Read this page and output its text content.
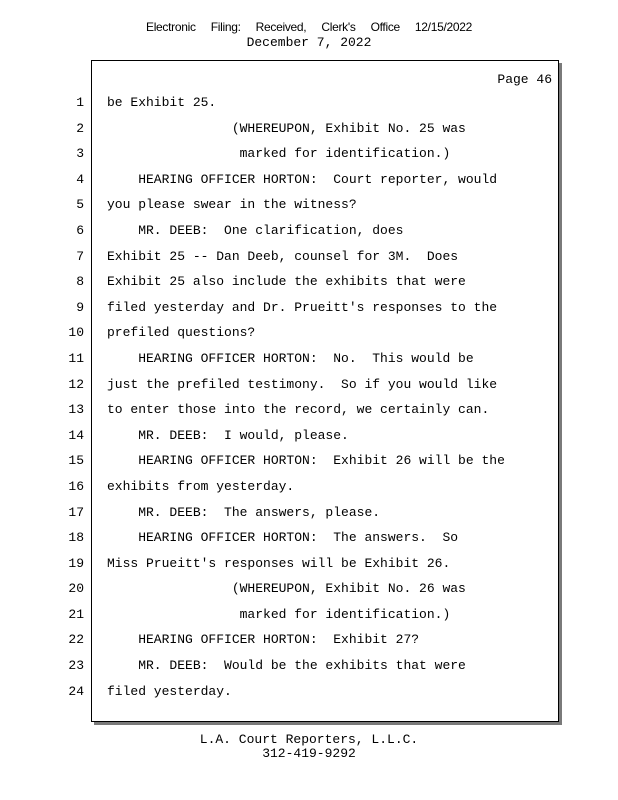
Electronic Filing: Received, Clerk's Office 12/15/2022
December 7, 2022
Page 46
1
2
3
4
5
6
7
8
9
10
11
12
13
14
15
16
17
18
19
20
21
22
23
24
be Exhibit 25.
(WHEREUPON, Exhibit No. 25 was
marked for identification.)
HEARING OFFICER HORTON:  Court reporter, would
you please swear in the witness?
MR. DEEB:  One clarification, does
Exhibit 25 -- Dan Deeb, counsel for 3M.  Does
Exhibit 25 also include the exhibits that were
filed yesterday and Dr. Prueitt's responses to the
prefiled questions?
HEARING OFFICER HORTON:  No.  This would be
just the prefiled testimony.  So if you would like
to enter those into the record, we certainly can.
MR. DEEB:  I would, please.
HEARING OFFICER HORTON:  Exhibit 26 will be the
exhibits from yesterday.
MR. DEEB:  The answers, please.
HEARING OFFICER HORTON:  The answers.  So
Miss Prueitt's responses will be Exhibit 26.
(WHEREUPON, Exhibit No. 26 was
marked for identification.)
HEARING OFFICER HORTON:  Exhibit 27?
MR. DEEB:  Would be the exhibits that were
filed yesterday.
L.A. Court Reporters, L.L.C.
312-419-9292
